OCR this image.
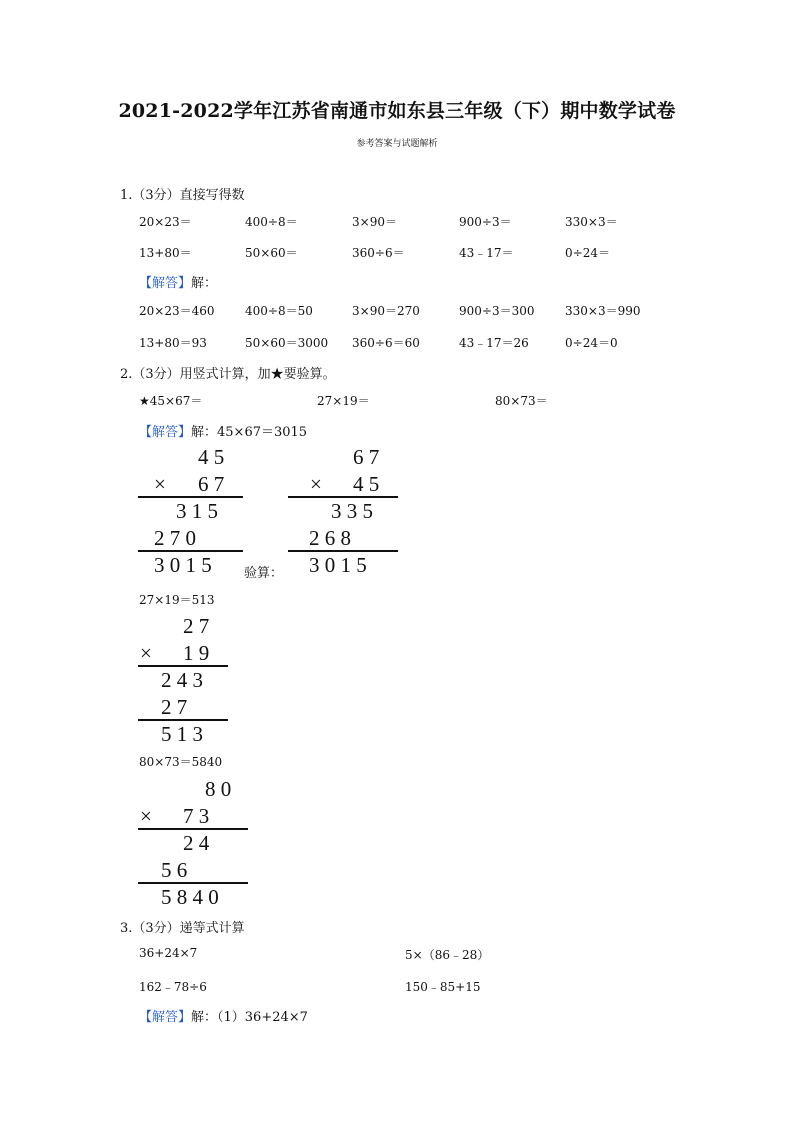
2021-2022学年江苏省南通市如东县三年级（下）期中数学试卷
参考答案与试题解析
1.（3分）直接写得数
20×23＝	400÷8＝	3×90＝	900÷3＝	330×3＝
13+80＝	50×60＝	360÷6＝	43﹣17＝	0÷24＝
【解答】解：
20×23＝460	400÷8＝50	3×90＝270	900÷3＝300	330×3＝990
13+80＝93	50×60＝3000 360÷6＝60	43﹣17＝26	0÷24＝0
2.（3分）用竖式计算，加★要验算。
★45×67＝	27×19＝	80×73＝
【解答】解：45×67＝3015
4 5
× 6 7
3 1 5
2 7 0
3 0 1 5 验算：
6 7
× 4 5
3 3 5
2 6 8
3 0 1 5
27×19＝513
2 7
× 1 9
2 4 3
2 7
5 1 3
80×73＝5840
8 0
× 7 3
2 4
5 6
5 8 4 0
3.（3分）递等式计算
36+24×7	5×（86﹣28）
162﹣78÷6	150﹣85+15
【解答】解：（1）36+24×7
